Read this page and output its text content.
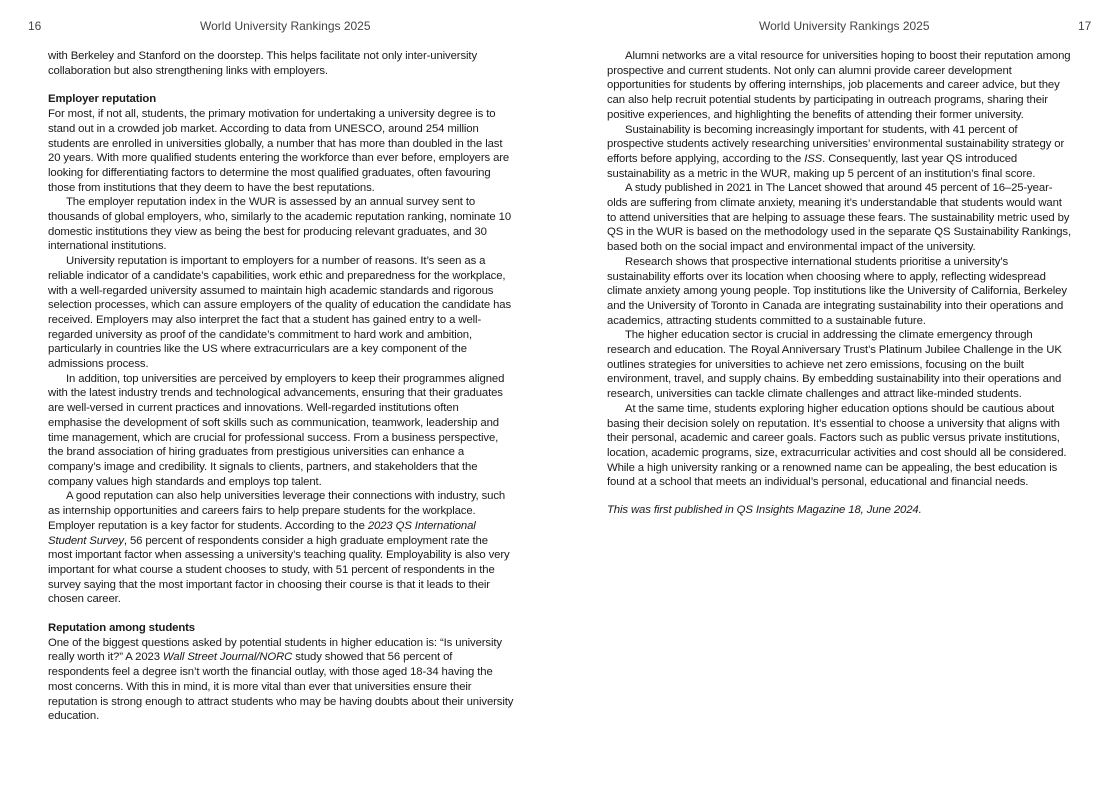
16	World University Rankings 2025	World University Rankings 2025	17

with Berkeley and Stanford on the doorstep. This helps facilitate not only inter-university collaboration but also strengthening links with employers.

Employer reputation

For most, if not all, students, the primary motivation for undertaking a university degree is to stand out in a crowded job market. According to data from UNESCO, around 254 million students are enrolled in universities globally, a number that has more than doubled in the last 20 years. With more qualified students entering the workforce than ever before, employers are looking for differentiating factors to determine the most qualified graduates, often favouring those from institutions that they deem to have the best reputations.

The employer reputation index in the WUR is assessed by an annual survey sent to thousands of global employers, who, similarly to the academic reputation ranking, nominate 10 domestic institutions they view as being the best for producing relevant graduates, and 30 international institutions.

University reputation is important to employers for a number of reasons. It’s seen as a reliable indicator of a candidate’s capabilities, work ethic and preparedness for the workplace, with a well-regarded university assumed to maintain high academic standards and rigorous selection processes, which can assure employers of the quality of education the candidate has received. Employers may also interpret the fact that a student has gained entry to a well-regarded university as proof of the candidate’s commitment to hard work and ambition, particularly in countries like the US where extracurriculars are a key component of the admissions process.

In addition, top universities are perceived by employers to keep their programmes aligned with the latest industry trends and technological advancements, ensuring that their graduates are well-versed in current practices and innovations. Well-regarded institutions often emphasise the development of soft skills such as communication, teamwork, leadership and time management, which are crucial for professional success. From a business perspective, the brand association of hiring graduates from prestigious universities can enhance a company’s image and credibility. It signals to clients, partners, and stakeholders that the company values high standards and employs top talent.

A good reputation can also help universities leverage their connections with industry, such as internship opportunities and careers fairs to help prepare students for the workplace. Employer reputation is a key factor for students. According to the 2023 QS International Student Survey, 56 percent of respondents consider a high graduate employment rate the most important factor when assessing a university’s teaching quality. Employability is also very important for what course a student chooses to study, with 51 percent of respondents in the survey saying that the most important factor in choosing their course is that it leads to their chosen career.

Reputation among students

One of the biggest questions asked by potential students in higher education is: “Is university really worth it?” A 2023 Wall Street Journal/NORC study showed that 56 percent of respondents feel a degree isn’t worth the financial outlay, with those aged 18-34 having the most concerns. With this in mind, it is more vital than ever that universities ensure their reputation is strong enough to attract students who may be having doubts about their university education.

Alumni networks are a vital resource for universities hoping to boost their reputation among prospective and current students. Not only can alumni provide career development opportunities for students by offering internships, job placements and career advice, but they can also help recruit potential students by participating in outreach programs, sharing their positive experiences, and highlighting the benefits of attending their former university.

Sustainability is becoming increasingly important for students, with 41 percent of prospective students actively researching universities’ environmental sustainability strategy or efforts before applying, according to the ISS. Consequently, last year QS introduced sustainability as a metric in the WUR, making up 5 percent of an institution’s final score.

A study published in 2021 in The Lancet showed that around 45 percent of 16–25-year-olds are suffering from climate anxiety, meaning it’s understandable that students would want to attend universities that are helping to assuage these fears. The sustainability metric used by QS in the WUR is based on the methodology used in the separate QS Sustainability Rankings, based both on the social impact and environmental impact of the university.

Research shows that prospective international students prioritise a university’s sustainability efforts over its location when choosing where to apply, reflecting widespread climate anxiety among young people. Top institutions like the University of California, Berkeley and the University of Toronto in Canada are integrating sustainability into their operations and academics, attracting students committed to a sustainable future.

The higher education sector is crucial in addressing the climate emergency through research and education. The Royal Anniversary Trust’s Platinum Jubilee Challenge in the UK outlines strategies for universities to achieve net zero emissions, focusing on the built environment, travel, and supply chains. By embedding sustainability into their operations and research, universities can tackle climate challenges and attract like-minded students.

At the same time, students exploring higher education options should be cautious about basing their decision solely on reputation. It’s essential to choose a university that aligns with their personal, academic and career goals. Factors such as public versus private institutions, location, academic programs, size, extracurricular activities and cost should all be considered. While a high university ranking or a renowned name can be appealing, the best education is found at a school that meets an individual’s personal, educational and financial needs.

This was first published in QS Insights Magazine 18, June 2024.
